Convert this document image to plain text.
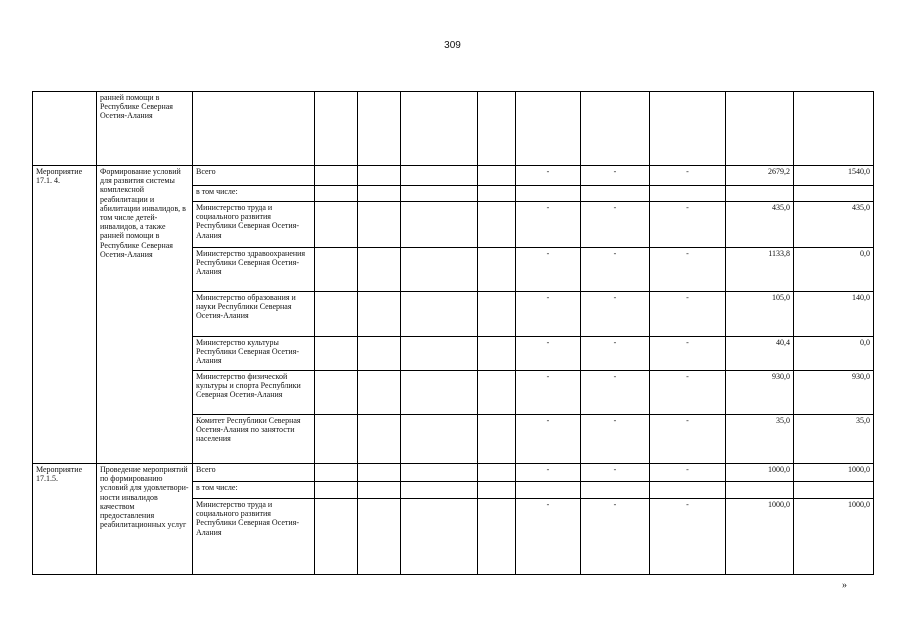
309
	ранней помощи в Республике Северная Осетия-Алания										
Мероприятие 17.1. 4.	Формирование условий для развития системы комплексной реабилитации и абилитации инвалидов, в том числе детей-инвалидов, а также ранней помощи в Республике Северная Осетия-Алания	Всего					-	-	-	2679,2	1540,0
		в том числе:									
		Министерство труда и социального развития Республики Северная Осетия-Алания					-	-	-	435,0	435,0
		Министерство здравоохранения Республики Северная Осетия-Алания					-	-	-	1133,8	0,0
		Министерство образования и науки Республики Северная Осетия-Алания					-	-	-	105,0	140,0
		Министерство культуры Республики Северная Осетия-Алания					-	-	-	40,4	0,0
		Министерство физической культуры и спорта Республики Северная Осетия-Алания					-	-	-	930,0	930,0
		Комитет Республики Северная Осетия-Алания по занятости населения					-	-	-	35,0	35,0
Мероприятие 17.1.5.	Проведение мероприятий по формированию условий для удовлетвори-ности инвалидов качеством предоставления реабилитационных услуг	Всего					-	-	-	1000,0	1000,0
		в том числе:									
		Министерство труда и социального развития Республики Северная Осетия-Алания					-	-	-	1000,0	1000,0
»
